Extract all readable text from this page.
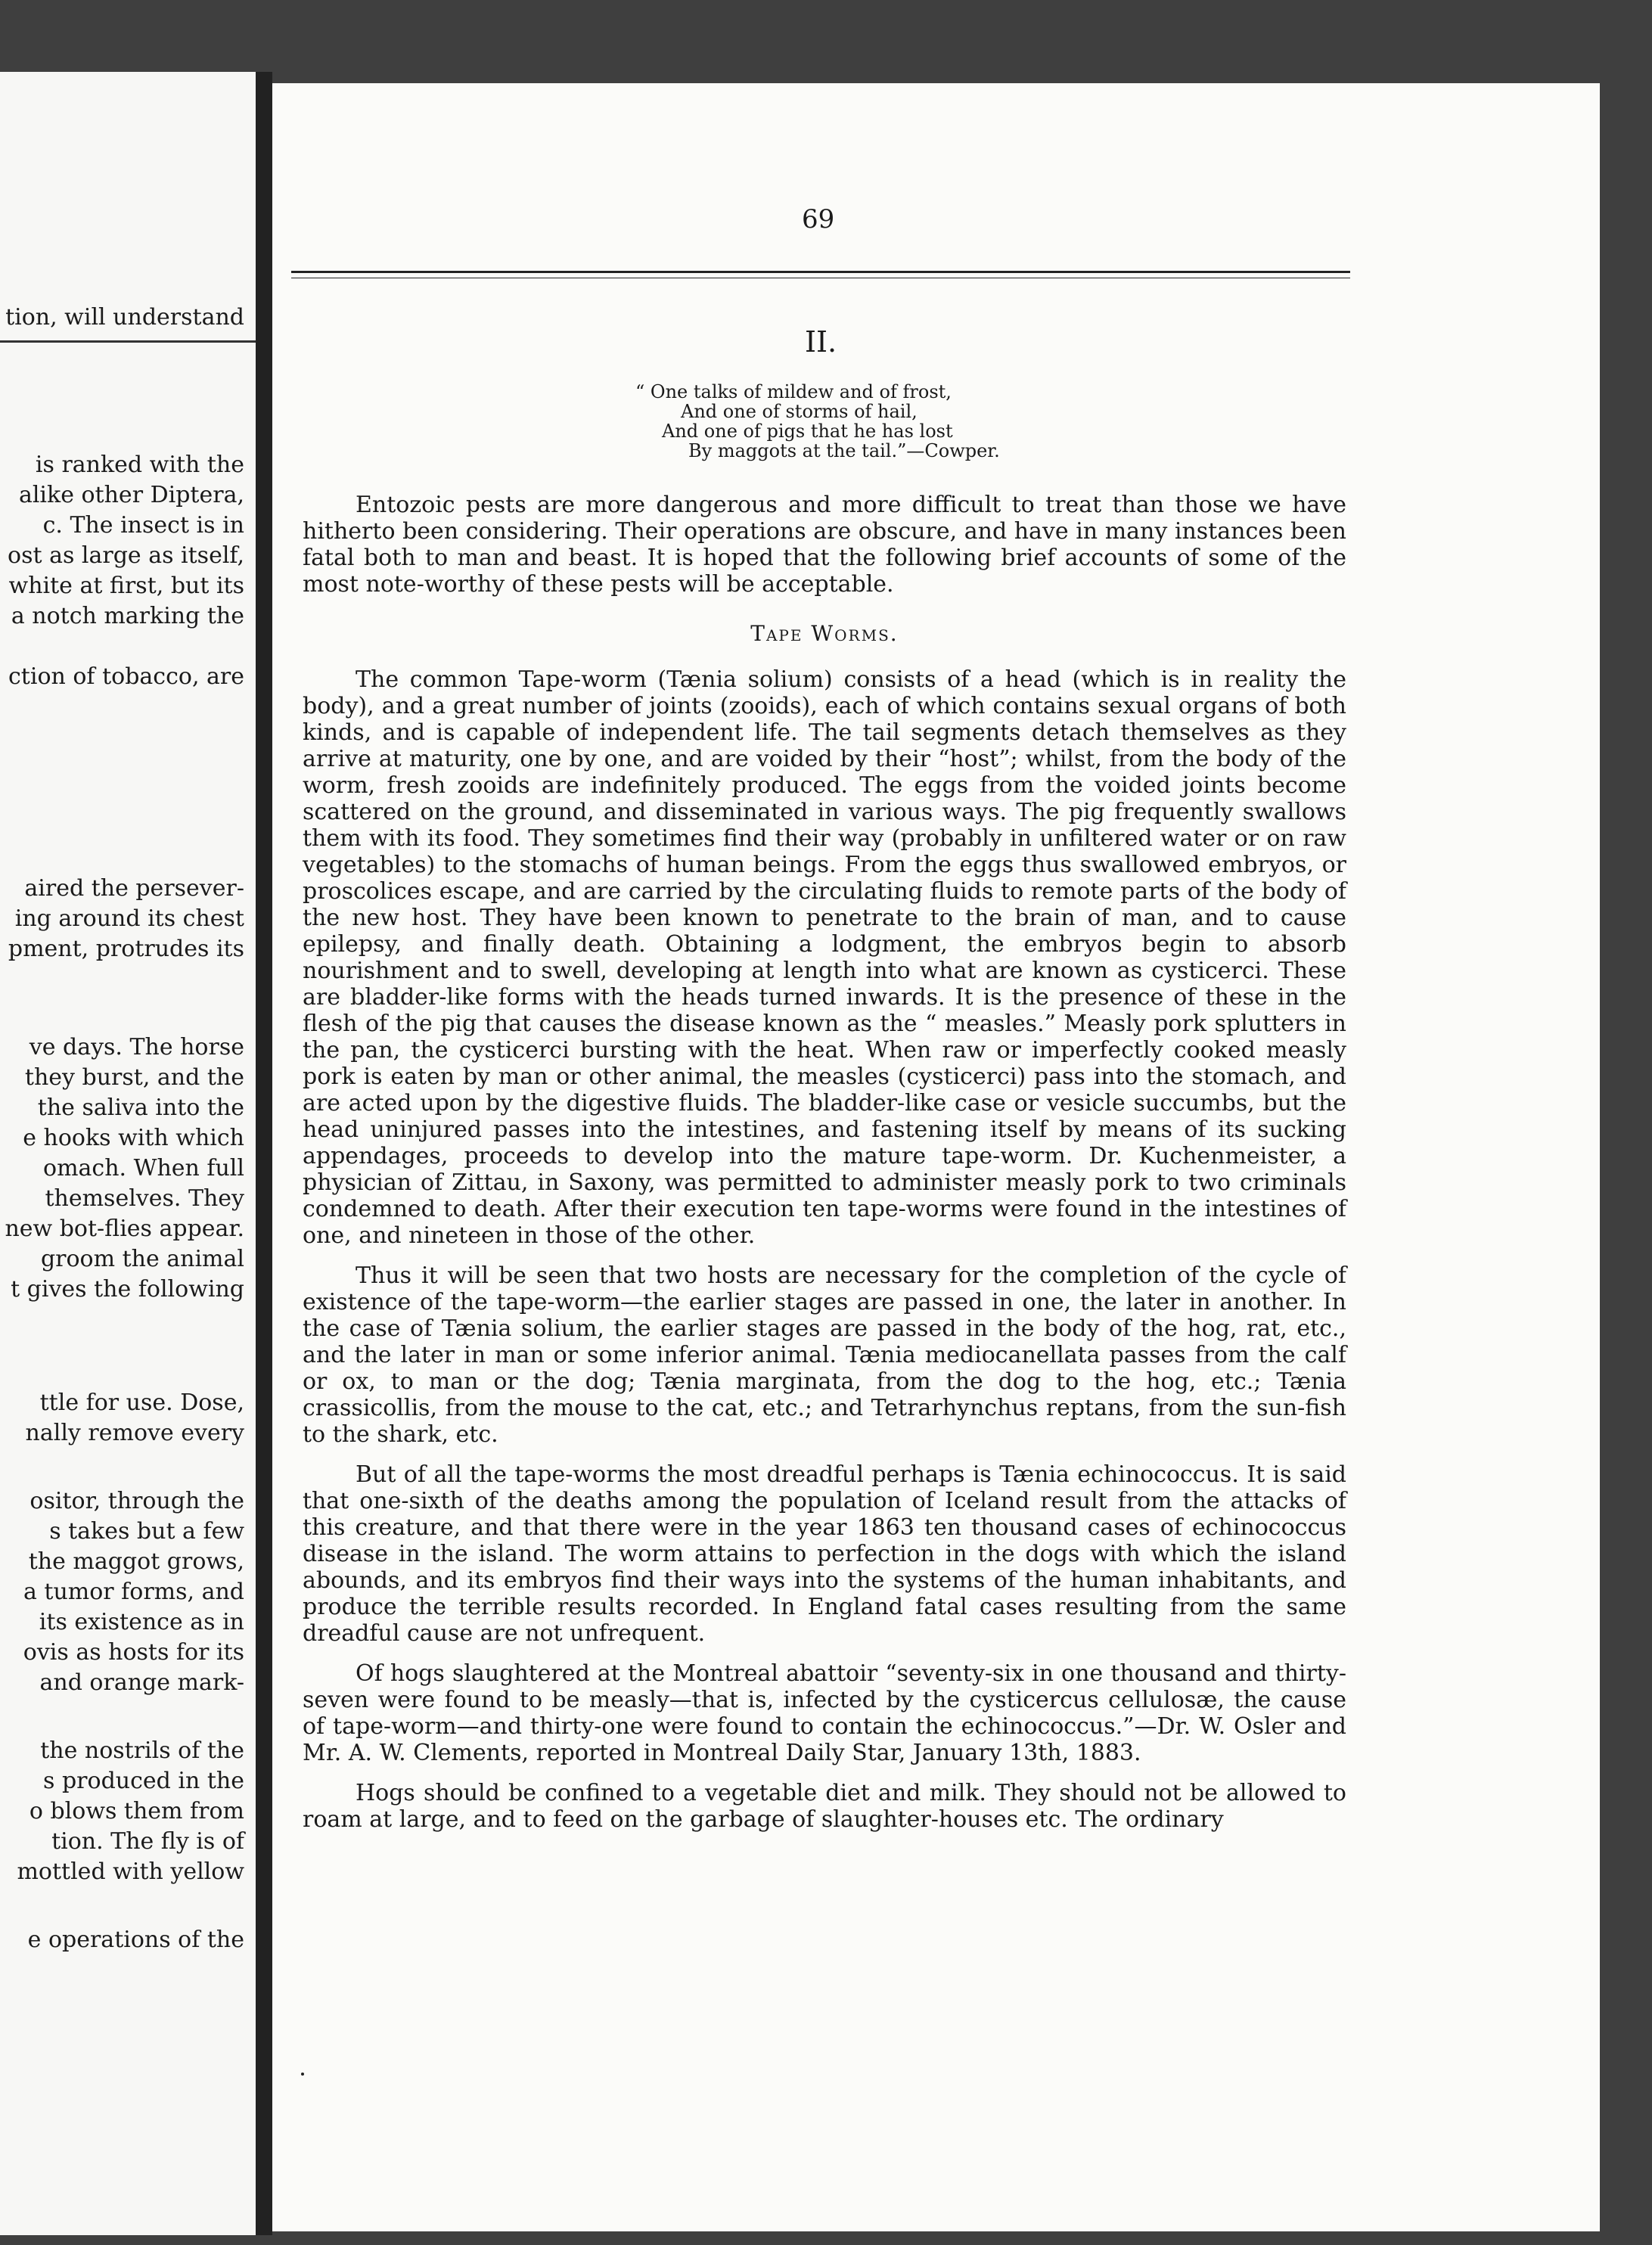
tion, will understand
is ranked with the
alike other Diptera,
c. The insect is in
ost as large as itself,
white at first, but its
a notch marking the
ction of tobacco, are
aired the persever-
ing around its chest
pment, protrudes its
ve days. The horse
they burst, and the
the saliva into the
e hooks with which
omach. When full
themselves. They
new bot-flies appear.
groom the animal
t gives the following
ttle for use. Dose,
nally remove every
ositor, through the
s takes but a few
the maggot grows,
a tumor forms, and
its existence as in
ovis as hosts for its
and orange mark-
the nostrils of the
s produced in the
o blows them from
tion. The fly is of
mottled with yellow
e operations of the
69
II.
“ One talks of mildew and of frost,
And one of storms of hail,
And one of pigs that he has lost
By maggots at the tail.”—Cowper.

Entozoic pests are more dangerous and more difficult to treat than those we have hitherto been considering. Their operations are obscure, and have in many instances been fatal both to man and beast. It is hoped that the following brief accounts of some of the most note-worthy of these pests will be acceptable.

Tape Worms.

The common Tape-worm (Tænia solium) consists of a head (which is in reality the body), and a great number of joints (zooids), each of which contains sexual organs of both kinds, and is capable of independent life. The tail segments detach themselves as they arrive at maturity, one by one, and are voided by their “host”; whilst, from the body of the worm, fresh zooids are indefinitely produced. The eggs from the voided joints become scattered on the ground, and disseminated in various ways. The pig frequently swallows them with its food. They sometimes find their way (probably in unfiltered water or on raw vegetables) to the stomachs of human beings. From the eggs thus swallowed embryos, or proscolices escape, and are carried by the circulating fluids to remote parts of the body of the new host. They have been known to penetrate to the brain of man, and to cause epilepsy, and finally death. Obtaining a lodgment, the embryos begin to absorb nourishment and to swell, developing at length into what are known as cysticerci. These are bladder-like forms with the heads turned inwards. It is the presence of these in the flesh of the pig that causes the disease known as the “ measles.” Measly pork splutters in the pan, the cysticerci bursting with the heat. When raw or imperfectly cooked measly pork is eaten by man or other animal, the measles (cysticerci) pass into the stomach, and are acted upon by the digestive fluids. The bladder-like case or vesicle succumbs, but the head uninjured passes into the intestines, and fastening itself by means of its sucking appendages, proceeds to develop into the mature tape-worm. Dr. Kuchenmeister, a physician of Zittau, in Saxony, was permitted to administer measly pork to two criminals condemned to death. After their execution ten tape-worms were found in the intestines of one, and nineteen in those of the other.

Thus it will be seen that two hosts are necessary for the completion of the cycle of existence of the tape-worm—the earlier stages are passed in one, the later in another. In the case of Tænia solium, the earlier stages are passed in the body of the hog, rat, etc., and the later in man or some inferior animal. Tænia mediocanellata passes from the calf or ox, to man or the dog; Tænia marginata, from the dog to the hog, etc.; Tænia crassicollis, from the mouse to the cat, etc.; and Tetrarhynchus reptans, from the sun-fish to the shark, etc.

But of all the tape-worms the most dreadful perhaps is Tænia echinococcus. It is said that one-sixth of the deaths among the population of Iceland result from the attacks of this creature, and that there were in the year 1863 ten thousand cases of echinococcus disease in the island. The worm attains to perfection in the dogs with which the island abounds, and its embryos find their ways into the systems of the human inhabitants, and produce the terrible results recorded. In England fatal cases resulting from the same dreadful cause are not unfrequent.

Of hogs slaughtered at the Montreal abattoir “seventy-six in one thousand and thirty-seven were found to be measly—that is, infected by the cysticercus cellulosæ, the cause of tape-worm—and thirty-one were found to contain the echinococcus.”—Dr. W. Osler and Mr. A. W. Clements, reported in Montreal Daily Star, January 13th, 1883.

Hogs should be confined to a vegetable diet and milk. They should not be allowed to roam at large, and to feed on the garbage of slaughter-houses etc. The ordinary
